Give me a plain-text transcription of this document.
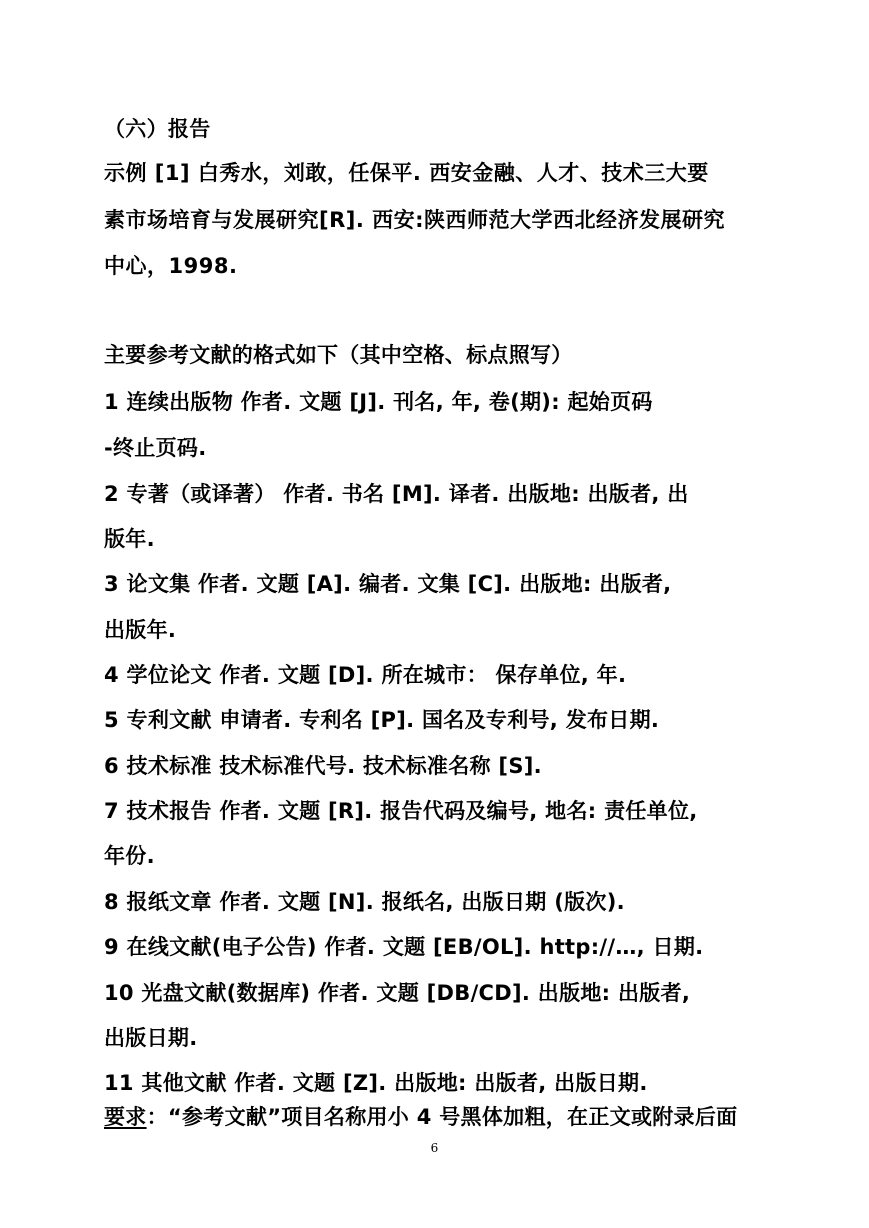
（六）报告
示例 [1] 白秀水，刘敢，任保平. 西安金融、人才、技术三大要
素市场培育与发展研究[R]. 西安:陕西师范大学西北经济发展研究
中心，1998.
主要参考文献的格式如下（其中空格、标点照写）
1 连续出版物 作者. 文题 [J]. 刊名, 年, 卷(期): 起始页码
-终止页码.
2 专著（或译著） 作者. 书名 [M]. 译者. 出版地: 出版者, 出
版年.
3 论文集 作者. 文题 [A]. 编者. 文集 [C]. 出版地: 出版者,
出版年.
4 学位论文 作者. 文题 [D]. 所在城市： 保存单位, 年.
5 专利文献 申请者. 专利名 [P]. 国名及专利号, 发布日期.
6 技术标准 技术标准代号. 技术标准名称 [S].
7 技术报告 作者. 文题 [R]. 报告代码及编号, 地名: 责任单位,
年份.
8 报纸文章 作者. 文题 [N]. 报纸名, 出版日期 (版次).
9 在线文献(电子公告) 作者. 文题 [EB/OL]. http://…, 日期.
10 光盘文献(数据库) 作者. 文题 [DB/CD]. 出版地: 出版者,
出版日期.
11 其他文献 作者. 文题 [Z]. 出版地: 出版者, 出版日期.
要求：“参考文献”项目名称用小 4 号黑体加粗，在正文或附录后面
6
